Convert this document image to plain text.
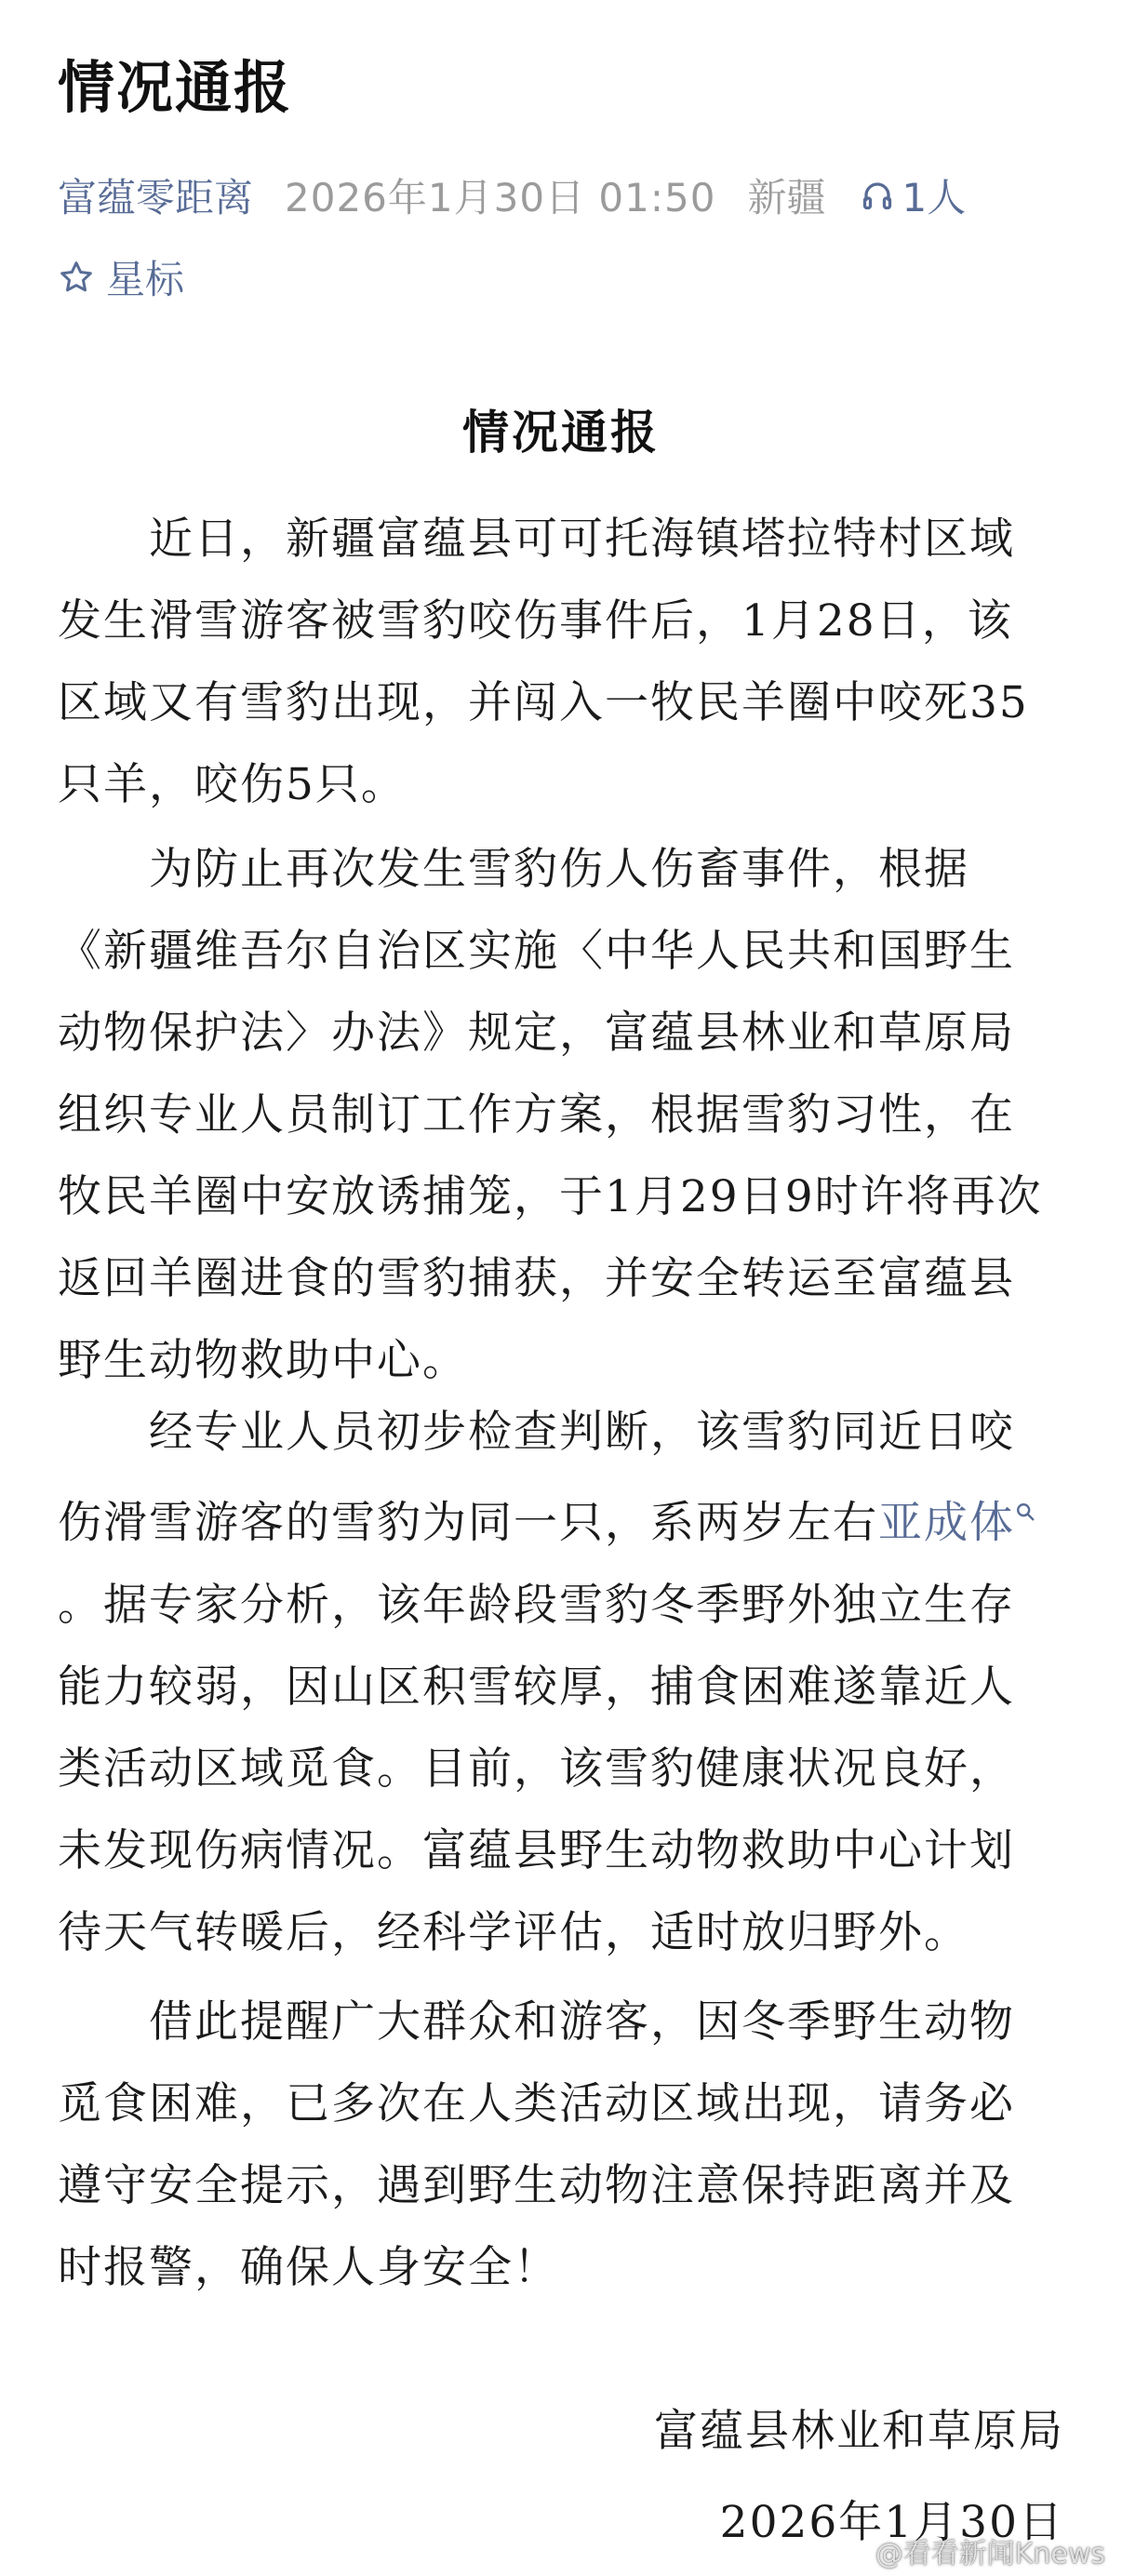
情况通报
富蕴零距离 2026年1月30日 01:50 新疆 1人
星标
情况通报
　　近日，新疆富蕴县可可托海镇塔拉特村区域
发生滑雪游客被雪豹咬伤事件后，1月28日，该
区域又有雪豹出现，并闯入一牧民羊圈中咬死35
只羊，咬伤5只。
　　为防止再次发生雪豹伤人伤畜事件，根据
《新疆维吾尔自治区实施〈中华人民共和国野生
动物保护法〉办法》规定，富蕴县林业和草原局
组织专业人员制订工作方案，根据雪豹习性，在
牧民羊圈中安放诱捕笼，于1月29日9时许将再次
返回羊圈进食的雪豹捕获，并安全转运至富蕴县
野生动物救助中心。
　　经专业人员初步检查判断，该雪豹同近日咬
伤滑雪游客的雪豹为同一只，系两岁左右亚成体
。据专家分析，该年龄段雪豹冬季野外独立生存
能力较弱，因山区积雪较厚，捕食困难遂靠近人
类活动区域觅食。目前，该雪豹健康状况良好，
未发现伤病情况。富蕴县野生动物救助中心计划
待天气转暖后，经科学评估，适时放归野外。
　　借此提醒广大群众和游客，因冬季野生动物
觅食困难，已多次在人类活动区域出现，请务必
遵守安全提示，遇到野生动物注意保持距离并及
时报警，确保人身安全！
富蕴县林业和草原局
2026年1月30日
@看看新闻Knews
